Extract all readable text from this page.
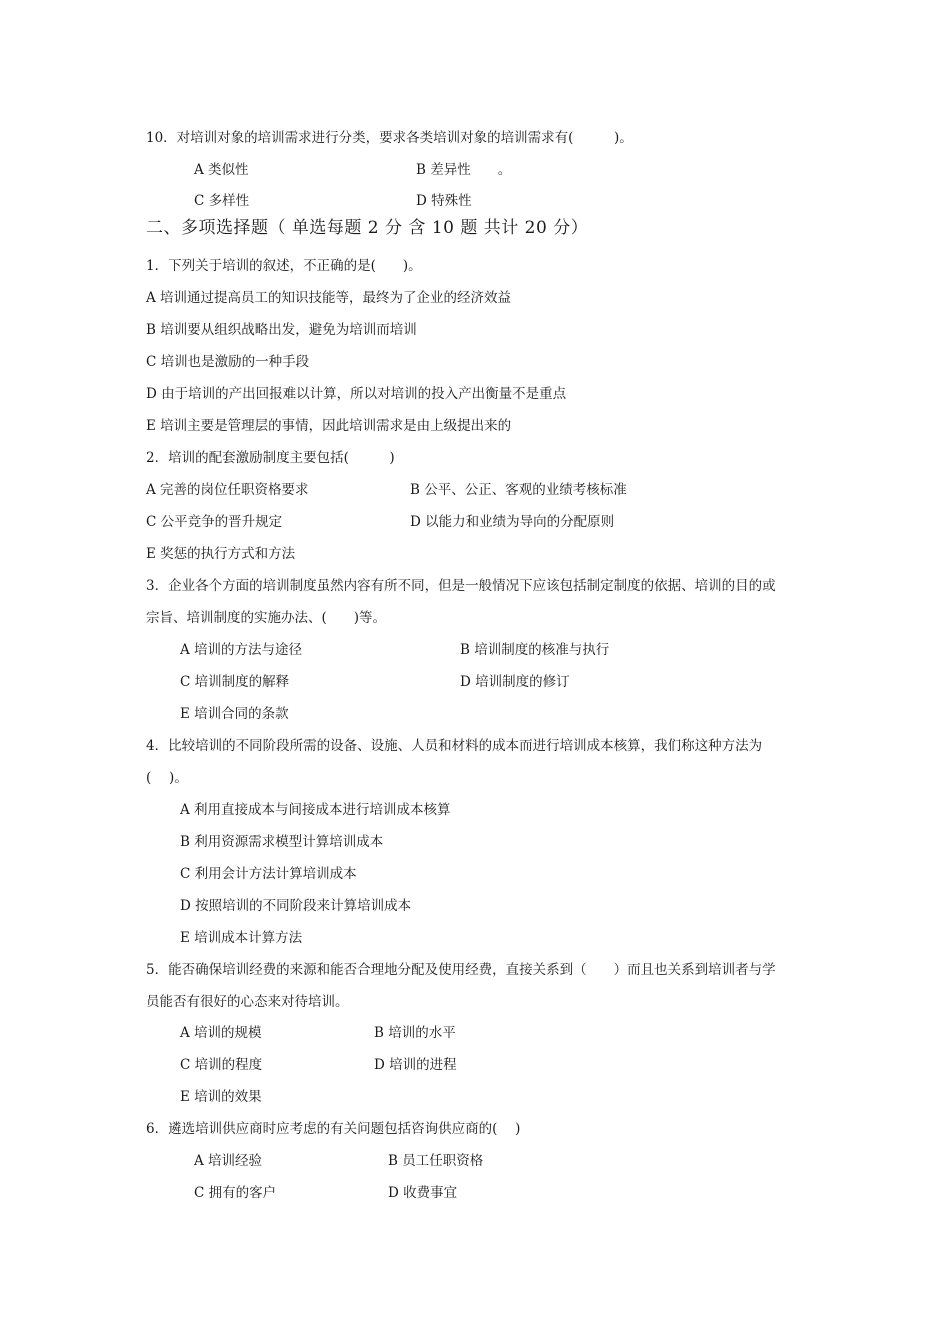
10．对培训对象的培训需求进行分类，要求各类培训对象的培训需求有(　　　)。
A 类似性	B 差异性　　。
C 多样性	D 特殊性
二、多项选择题（ 单选每题 2 分 含 10 题 共计 20 分）
1．下列关于培训的叙述，不正确的是(　　)。
A 培训通过提高员工的知识技能等，最终为了企业的经济效益
B 培训要从组织战略出发，避免为培训而培训
C 培训也是激励的一种手段
D 由于培训的产出回报难以计算，所以对培训的投入产出衡量不是重点
E 培训主要是管理层的事情，因此培训需求是由上级提出来的
2．培训的配套激励制度主要包括(　　　)
A 完善的岗位任职资格要求	B 公平、公正、客观的业绩考核标准
C 公平竞争的晋升规定	D 以能力和业绩为导向的分配原则
E 奖惩的执行方式和方法
3．企业各个方面的培训制度虽然内容有所不同，但是一般情况下应该包括制定制度的依据、培训的目的或
宗旨、培训制度的实施办法、(　　)等。
A 培训的方法与途径	B 培训制度的核准与执行
C 培训制度的解释	D 培训制度的修订
E 培训合同的条款
4．比较培训的不同阶段所需的设备、设施、人员和材料的成本而进行培训成本核算，我们称这种方法为
(　 )。
A 利用直接成本与间接成本进行培训成本核算
B 利用资源需求模型计算培训成本
C 利用会计方法计算培训成本
D 按照培训的不同阶段来计算培训成本
E 培训成本计算方法
5．能否确保培训经费的来源和能否合理地分配及使用经费，直接关系到（　　）而且也关系到培训者与学
员能否有很好的心态来对待培训。
A 培训的规模	B 培训的水平
C 培训的程度	D 培训的进程
E 培训的效果
6．遴选培训供应商时应考虑的有关问题包括咨询供应商的(　 )
A 培训经验	B 员工任职资格
C 拥有的客户	D 收费事宜
